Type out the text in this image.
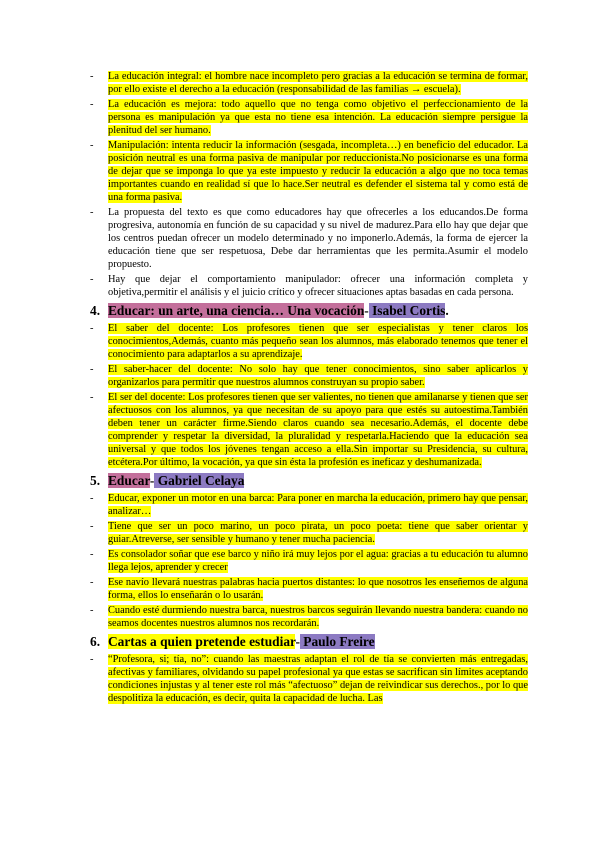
- La educación integral: el hombre nace incompleto pero gracias a la educación se termina de formar, por ello existe el derecho a la educación (responsabilidad de las familias → escuela).
- La educación es mejora: todo aquello que no tenga como objetivo el perfeccionamiento de la persona es manipulación ya que esta no tiene esa intención. La educación siempre persigue la plenitud del ser humano.
- Manipulación: intenta reducir la información (sesgada, incompleta…) en beneficio del educador. La posición neutral es una forma pasiva de manipular por reduccionista.No posicionarse es una forma de dejar que se imponga lo que ya este impuesto y reducir la educación a algo que no toca temas importantes cuando en realidad sí que lo hace.Ser neutral es defender el sistema tal y como está de una forma pasiva.
- La propuesta del texto es que como educadores hay que ofrecerles a los educandos.De forma progresiva, autonomía en función de su capacidad y su nivel de madurez.Para ello hay que dejar que los centros puedan ofrecer un modelo determinado y no imponerlo.Además, la forma de ejercer la educación tiene que ser respetuosa, Debe dar herramientas que les permita.Asumir el modelo propuesto.
- Hay que dejar el comportamiento manipulador: ofrecer una información completa y objetiva,permitir el análisis y el juicio crítico y ofrecer situaciones aptas basadas en cada persona.
4. Educar: un arte, una ciencia… Una vocación- Isabel Cortis.
- El saber del docente: Los profesores tienen que ser especialistas y tener claros los conocimientos,Además, cuanto más pequeño sean los alumnos, más elaborado tenemos que tener el conocimiento para adaptarlos a su aprendizaje.
- El saber-hacer del docente: No solo hay que tener conocimientos, sino saber aplicarlos y organizarlos para permitir que nuestros alumnos construyan su propio saber.
- El ser del docente: Los profesores tienen que ser valientes, no tienen que amilanarse y tienen que ser afectuosos con los alumnos, ya que necesitan de su apoyo para que estés su autoestima.También deben tener un carácter firme.Siendo claros cuando sea necesario.Además, el docente debe comprender y respetar la diversidad, la pluralidad y respetarla.Haciendo que la educación sea universal y que todos los jóvenes tengan acceso a ella.Sin importar su Presidencia, su cultura, etcétera.Por último, la vocación, ya que sin ésta la profesión es ineficaz y deshumanizada.
5. Educar- Gabriel Celaya
- Educar, exponer un motor en una barca: Para poner en marcha la educación, primero hay que pensar, analizar…
- Tiene que ser un poco marino, un poco pirata, un poco poeta: tiene que saber orientar y guiar.Atreverse, ser sensible y humano y tener mucha paciencia.
- Es consolador soñar que ese barco y niño irá muy lejos por el agua: gracias a tu educación tu alumno llega lejos, aprender y crecer
- Ese navío llevará nuestras palabras hacia puertos distantes: lo que nosotros les enseñemos de alguna forma, ellos lo enseñarán o lo usarán.
- Cuando esté durmiendo nuestra barca, nuestros barcos seguirán llevando nuestra bandera: cuando no seamos docentes nuestros alumnos nos recordarán.
6. Cartas a quien pretende estudiar- Paulo Freire
- “Profesora, si; tía, no”: cuando las maestras adaptan el rol de tía se convierten más entregadas, afectivas y familiares, olvidando su papel profesional ya que estas se sacrifican sin límites aceptando condiciones injustas y al tener este rol más “afectuoso” dejan de reivindicar sus derechos., por lo que despolitiza la educación, es decir, quita la capacidad de lucha. Las
